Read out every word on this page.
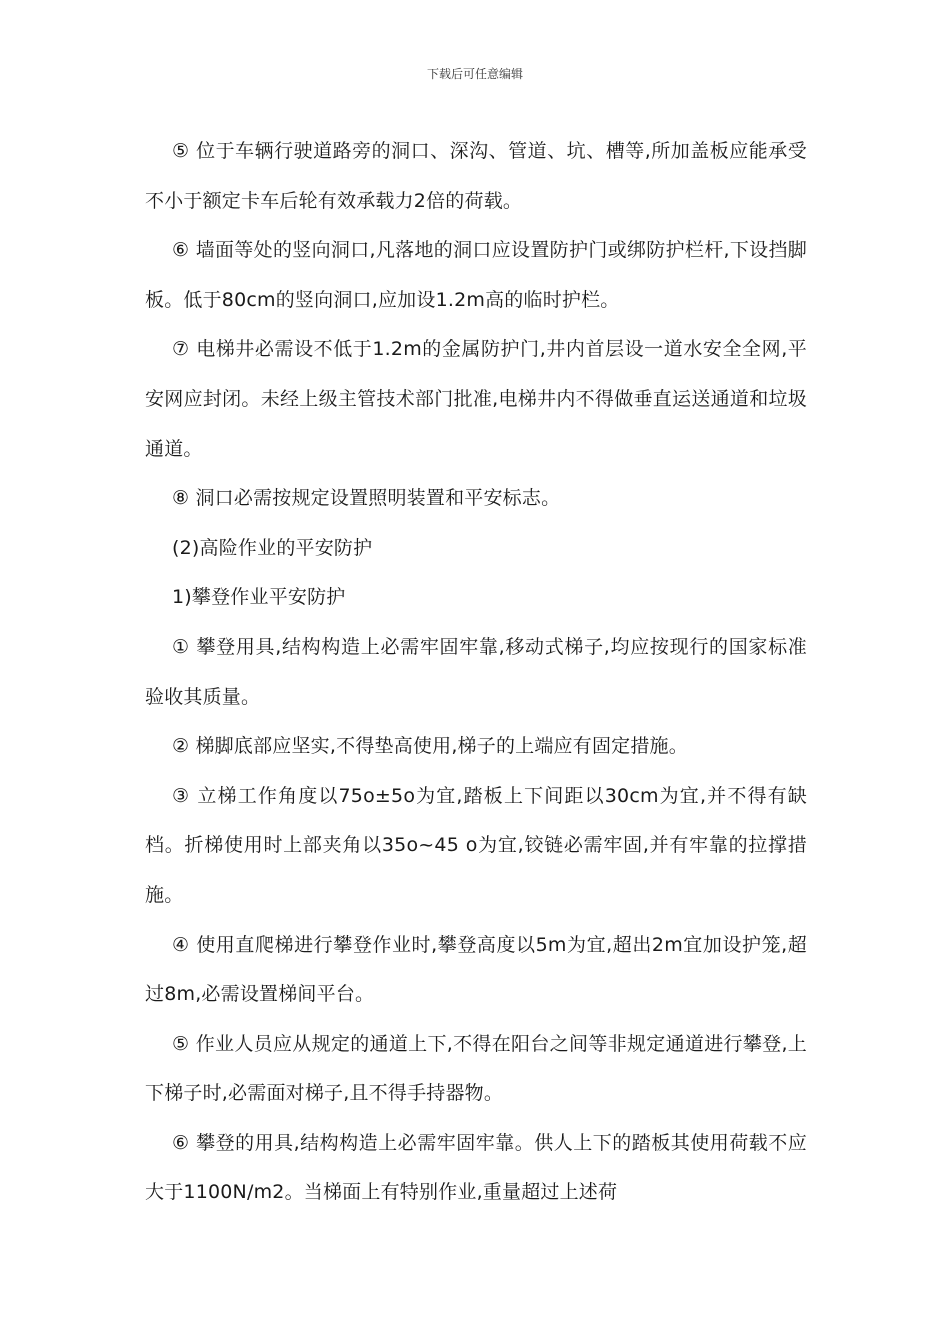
下载后可任意编辑

⑤ 位于车辆行驶道路旁的洞口、深沟、管道、坑、槽等,所加盖板应能承受不小于额定卡车后轮有效承载力2倍的荷载。

⑥ 墙面等处的竖向洞口,凡落地的洞口应设置防护门或绑防护栏杆,下设挡脚板。低于80cm的竖向洞口,应加设1.2m高的临时护栏。

⑦ 电梯井必需设不低于1.2m的金属防护门,井内首层设一道水安全全网,平安网应封闭。未经上级主管技术部门批准,电梯井内不得做垂直运送通道和垃圾通道。

⑧ 洞口必需按规定设置照明装置和平安标志。

(2)高险作业的平安防护

1)攀登作业平安防护

① 攀登用具,结构构造上必需牢固牢靠,移动式梯子,均应按现行的国家标准验收其质量。

② 梯脚底部应坚实,不得垫高使用,梯子的上端应有固定措施。

③ 立梯工作角度以75o±5o为宜,踏板上下间距以30cm为宜,并不得有缺档。折梯使用时上部夹角以35o~45 o为宜,铰链必需牢固,并有牢靠的拉撑措施。

④ 使用直爬梯进行攀登作业时,攀登高度以5m为宜,超出2m宜加设护笼,超过8m,必需设置梯间平台。

⑤ 作业人员应从规定的通道上下,不得在阳台之间等非规定通道进行攀登,上下梯子时,必需面对梯子,且不得手持器物。

⑥ 攀登的用具,结构构造上必需牢固牢靠。供人上下的踏板其使用荷载不应大于1100N/m2。当梯面上有特别作业,重量超过上述荷
